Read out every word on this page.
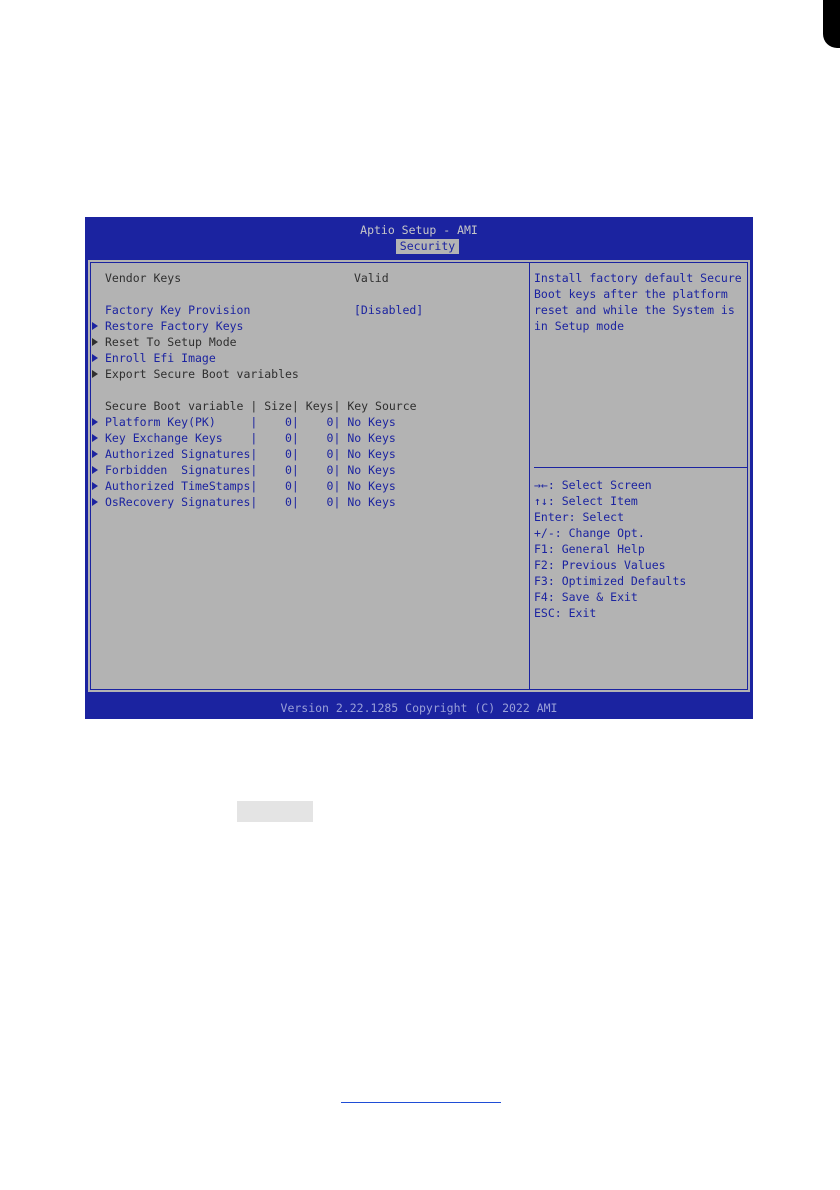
Aptio Setup - AMI
Security
Vendor Keys	Valid
Factory Key Provision	[Disabled]
Restore Factory Keys
Reset To Setup Mode
Enroll Efi Image
Export Secure Boot variables
Secure Boot variable | Size| Keys| Key Source
Platform Key(PK)     |    0|    0| No Keys
Key Exchange Keys    |    0|    0| No Keys
Authorized Signatures|    0|    0| No Keys
Forbidden  Signatures|    0|    0| No Keys
Authorized TimeStamps|    0|    0| No Keys
OsRecovery Signatures|    0|    0| No Keys
Install factory default Secure
Boot keys after the platform
reset and while the System is
in Setup mode
→←: Select Screen
↑↓: Select Item
Enter: Select
+/-: Change Opt.
F1: General Help
F2: Previous Values
F3: Optimized Defaults
F4: Save & Exit
ESC: Exit
Version 2.22.1285 Copyright (C) 2022 AMI
